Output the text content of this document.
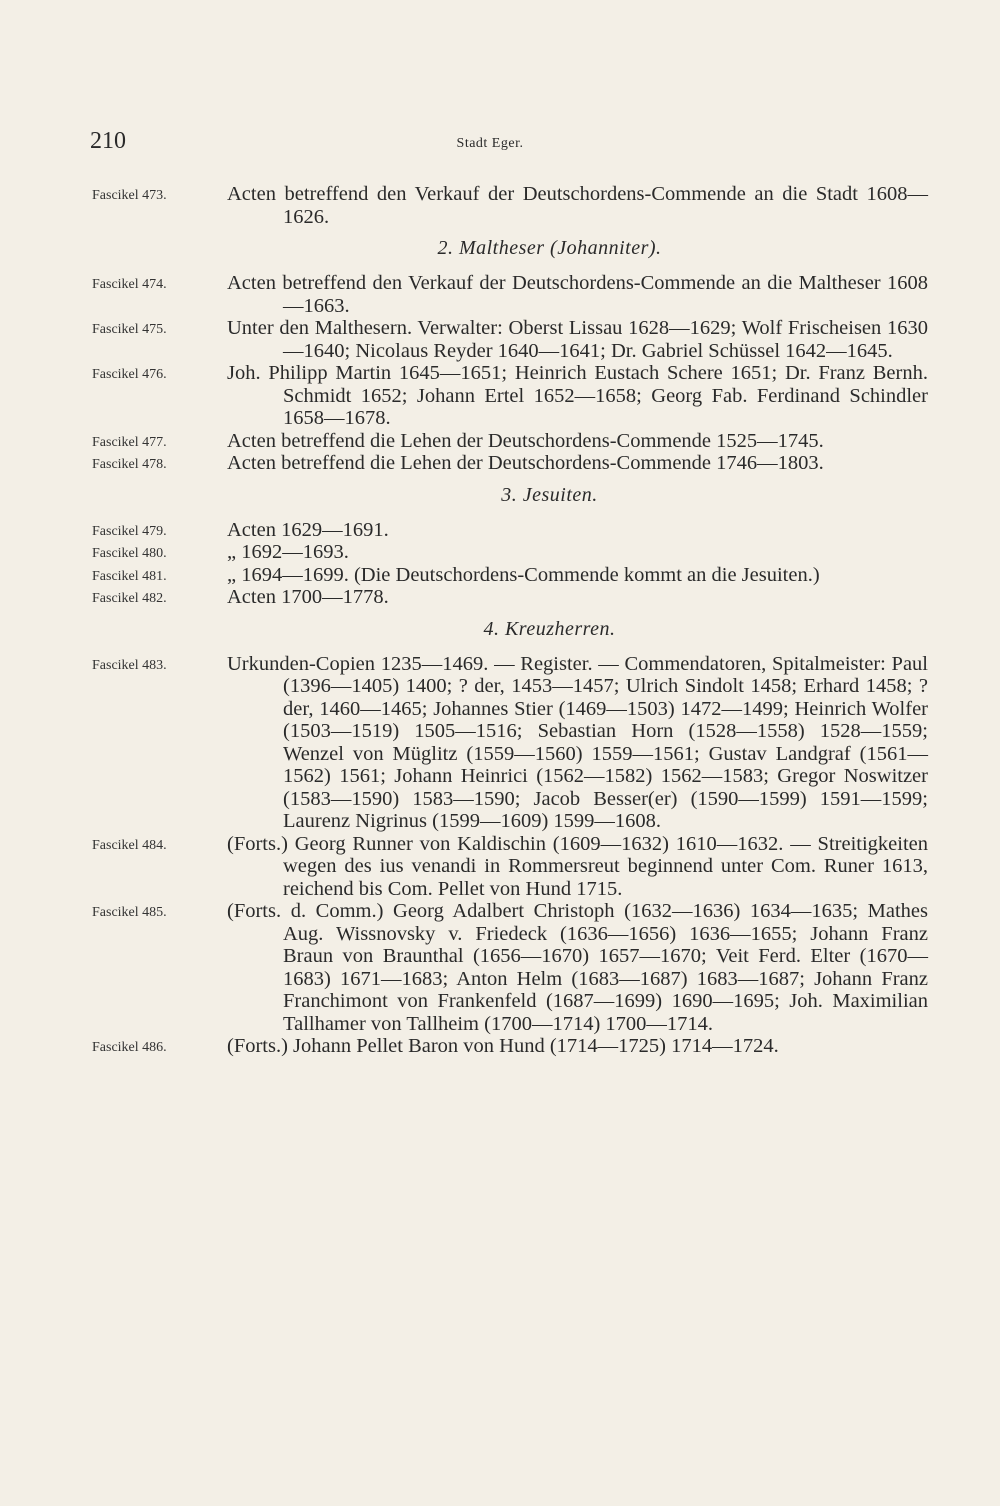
210	Stadt Eger.
Fascikel 473.	Acten betreffend den Verkauf der Deutschordens-Commende an die Stadt 1608—1626.
2. Maltheser (Johanniter).
Fascikel 474.	Acten betreffend den Verkauf der Deutschordens-Commende an die Maltheser 1608—1663.
Fascikel 475.	Unter den Malthesern. Verwalter: Oberst Lissau 1628—1629; Wolf Frischeisen 1630—1640; Nicolaus Reyder 1640—1641; Dr. Gabriel Schüssel 1642—1645.
Fascikel 476.	Joh. Philipp Martin 1645—1651; Heinrich Eustach Schere 1651; Dr. Franz Bernh. Schmidt 1652; Johann Ertel 1652—1658; Georg Fab. Ferdinand Schindler 1658—1678.
Fascikel 477.	Acten betreffend die Lehen der Deutschordens-Commende 1525—1745.
Fascikel 478.	Acten betreffend die Lehen der Deutschordens-Commende 1746—1803.
3. Jesuiten.
Fascikel 479.	Acten 1629—1691.
Fascikel 480.	„ 1692—1693.
Fascikel 481.	„ 1694—1699. (Die Deutschordens-Commende kommt an die Jesuiten.)
Fascikel 482.	Acten 1700—1778.
4. Kreuzherren.
Fascikel 483.	Urkunden-Copien 1235—1469. — Register. — Commendatoren, Spitalmeister: Paul (1396—1405) 1400; ? der, 1453—1457; Ulrich Sindolt 1458; Erhard 1458; ? der, 1460—1465; Johannes Stier (1469—1503) 1472—1499; Heinrich Wolfer (1503—1519) 1505—1516; Sebastian Horn (1528—1558) 1528—1559; Wenzel von Müglitz (1559—1560) 1559—1561; Gustav Landgraf (1561—1562) 1561; Johann Heinrici (1562—1582) 1562—1583; Gregor Noswitzer (1583—1590) 1583—1590; Jacob Besser(er) (1590—1599) 1591—1599; Laurenz Nigrinus (1599—1609) 1599—1608.
Fascikel 484.	(Forts.) Georg Runner von Kaldischin (1609—1632) 1610—1632. — Streitigkeiten wegen des ius venandi in Rommersreut beginnend unter Com. Runer 1613, reichend bis Com. Pellet von Hund 1715.
Fascikel 485.	(Forts. d. Comm.) Georg Adalbert Christoph (1632—1636) 1634—1635; Mathes Aug. Wissnovsky v. Friedeck (1636—1656) 1636—1655; Johann Franz Braun von Braunthal (1656—1670) 1657—1670; Veit Ferd. Elter (1670—1683) 1671—1683; Anton Helm (1683—1687) 1683—1687; Johann Franz Franchimont von Frankenfeld (1687—1699) 1690—1695; Joh. Maximilian Tallhamer von Tallheim (1700—1714) 1700—1714.
Fascikel 486.	(Forts.) Johann Pellet Baron von Hund (1714—1725) 1714—1724.
